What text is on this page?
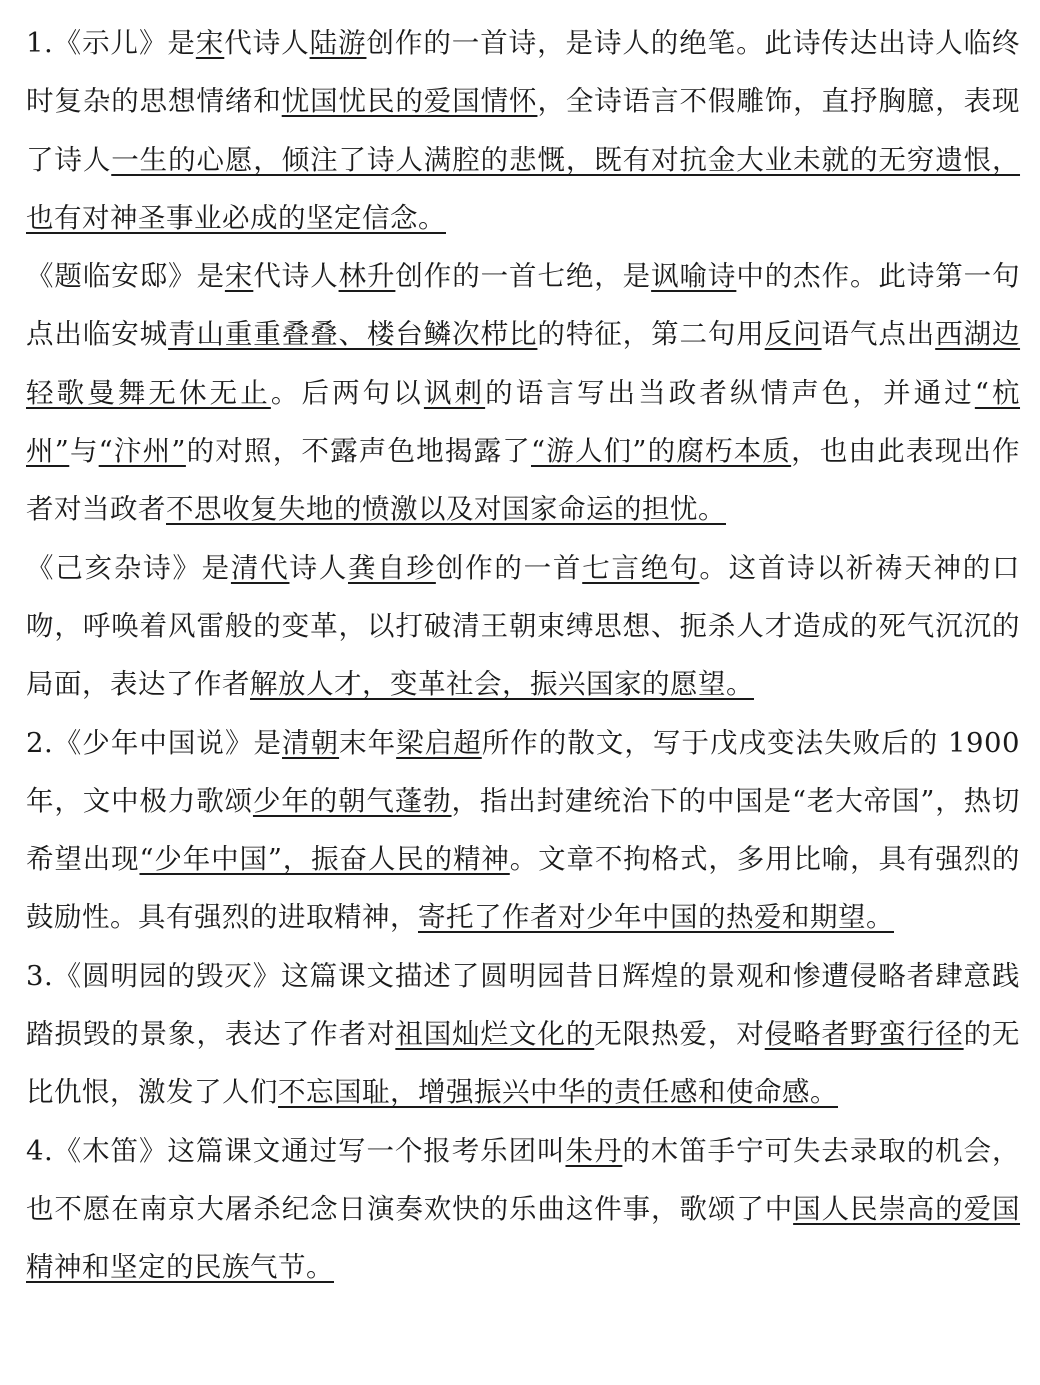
1.《示儿》是宋代诗人陆游创作的一首诗，是诗人的绝笔。此诗传达出诗人临终时复杂的思想情绪和忧国忧民的爱国情怀，全诗语言不假雕饰，直抒胸臆，表现了诗人一生的心愿，倾注了诗人满腔的悲慨，既有对抗金大业未就的无穷遗恨，也有对神圣事业必成的坚定信念。

《题临安邸》是宋代诗人林升创作的一首七绝，是讽喻诗中的杰作。此诗第一句点出临安城青山重重叠叠、楼台鳞次栉比的特征，第二句用反问语气点出西湖边轻歌曼舞无休无止。后两句以讽刺的语言写出当政者纵情声色，并通过“杭州”与“汴州”的对照，不露声色地揭露了“游人们”的腐朽本质，也由此表现出作者对当政者不思收复失地的愤激以及对国家命运的担忧。

《己亥杂诗》是清代诗人龚自珍创作的一首七言绝句。这首诗以祈祷天神的口吻，呼唤着风雷般的变革，以打破清王朝束缚思想、扼杀人才造成的死气沉沉的局面，表达了作者解放人才，变革社会，振兴国家的愿望。

2.《少年中国说》是清朝末年梁启超所作的散文，写于戊戌变法失败后的 1900 年，文中极力歌颂少年的朝气蓬勃，指出封建统治下的中国是“老大帝国”，热切希望出现“少年中国”，振奋人民的精神。文章不拘格式，多用比喻，具有强烈的鼓励性。具有强烈的进取精神，寄托了作者对少年中国的热爱和期望。

3.《圆明园的毁灭》这篇课文描述了圆明园昔日辉煌的景观和惨遭侵略者肆意践踏损毁的景象，表达了作者对祖国灿烂文化的无限热爱，对侵略者野蛮行径的无比仇恨，激发了人们不忘国耻，增强振兴中华的责任感和使命感。

4.《木笛》这篇课文通过写一个报考乐团叫朱丹的木笛手宁可失去录取的机会，也不愿在南京大屠杀纪念日演奏欢快的乐曲这件事，歌颂了中国人民崇高的爱国精神和坚定的民族气节。
